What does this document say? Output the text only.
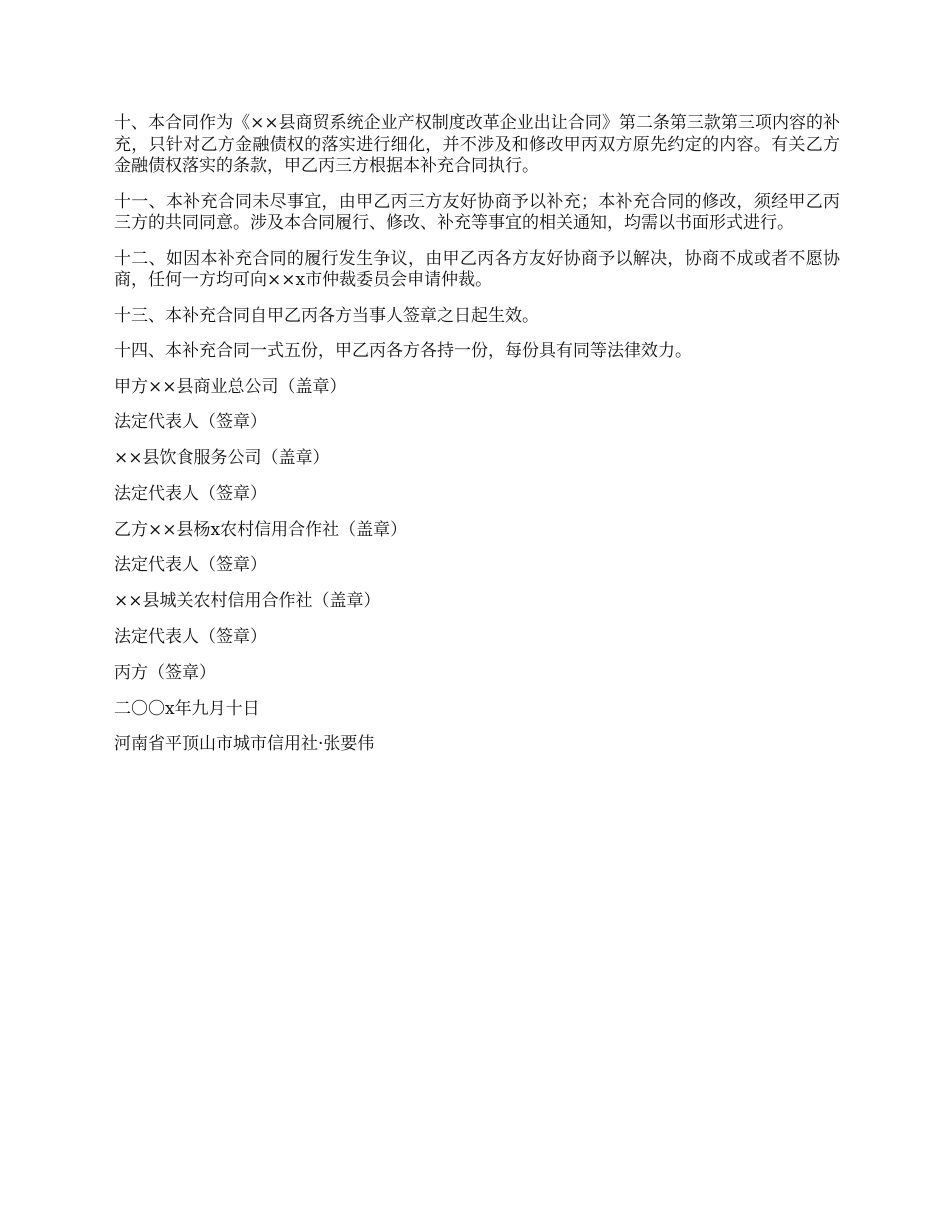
十、本合同作为《××县商贸系统企业产权制度改革企业出让合同》第二条第三款第三项内容的补充，只针对乙方金融债权的落实进行细化，并不涉及和修改甲丙双方原先约定的内容。有关乙方金融债权落实的条款，甲乙丙三方根据本补充合同执行。

十一、本补充合同未尽事宜，由甲乙丙三方友好协商予以补充；本补充合同的修改，须经甲乙丙三方的共同同意。涉及本合同履行、修改、补充等事宜的相关通知，均需以书面形式进行。

十二、如因本补充合同的履行发生争议，由甲乙丙各方友好协商予以解决，协商不成或者不愿协商，任何一方均可向××x市仲裁委员会申请仲裁。

十三、本补充合同自甲乙丙各方当事人签章之日起生效。

十四、本补充合同一式五份，甲乙丙各方各持一份，每份具有同等法律效力。

甲方××县商业总公司（盖章）
法定代表人（签章）
××县饮食服务公司（盖章）
法定代表人（签章）
乙方××县杨x农村信用合作社（盖章）
法定代表人（签章）
××县城关农村信用合作社（盖章）
法定代表人（签章）
丙方（签章）
二〇〇x年九月十日
河南省平顶山市城市信用社·张要伟
